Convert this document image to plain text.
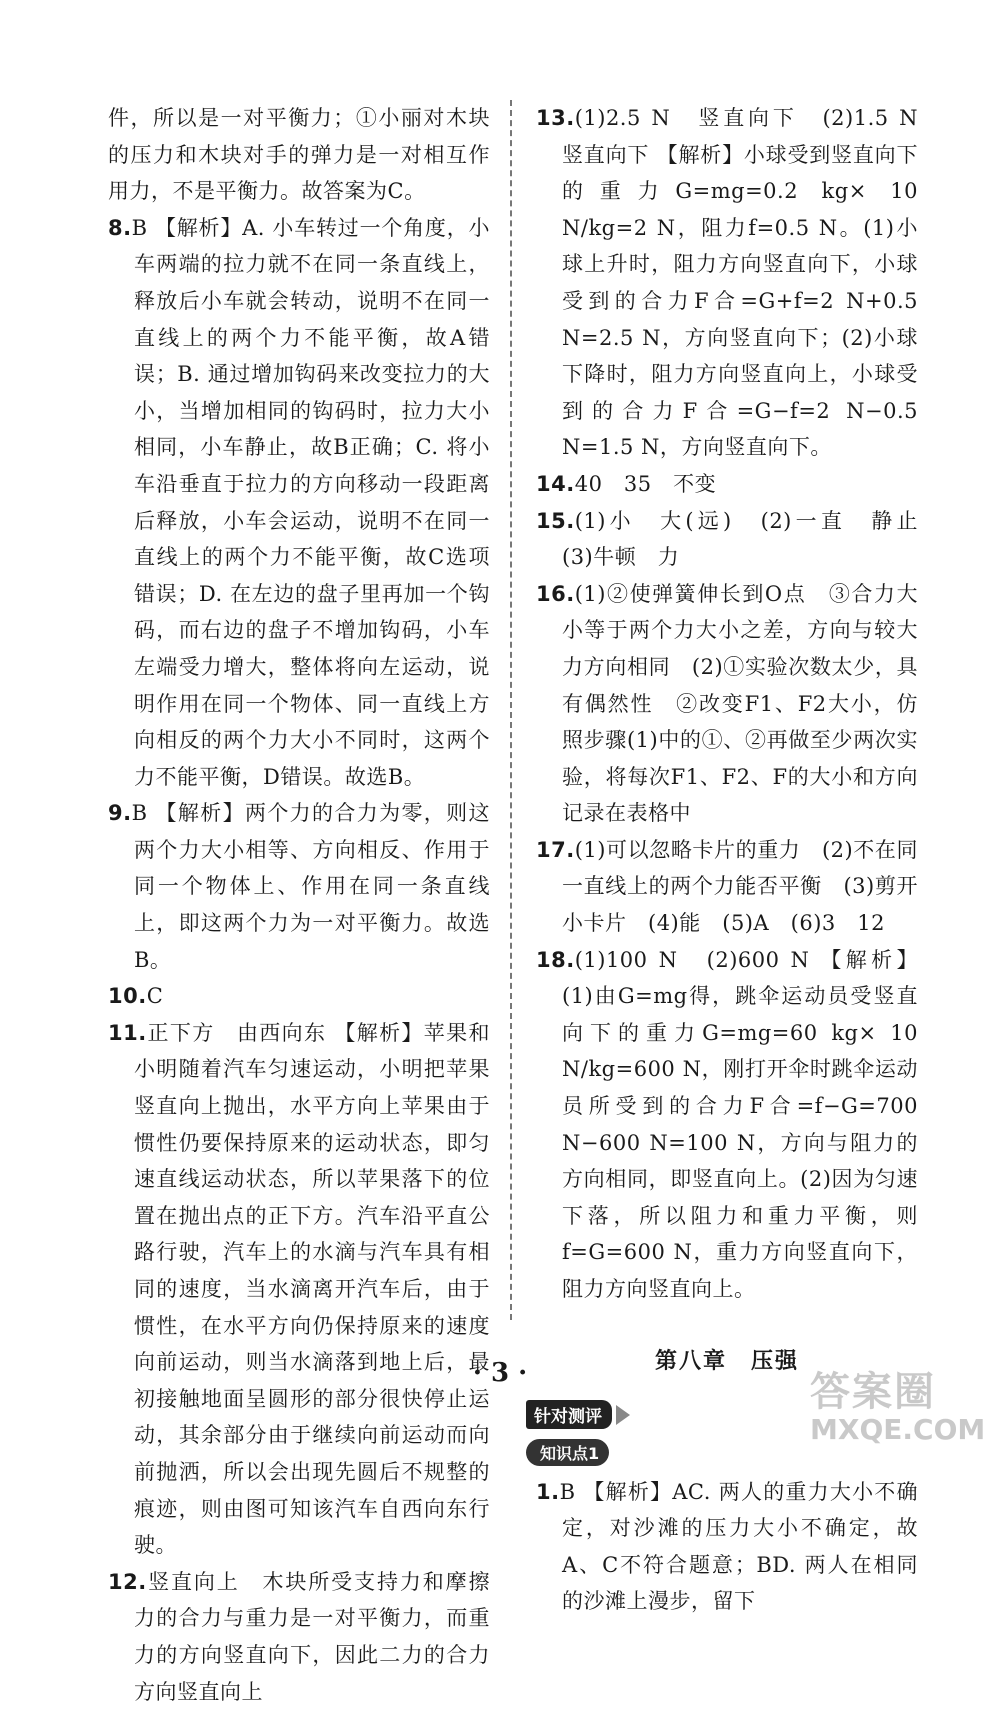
件，所以是一对平衡力；①小丽对木块的压力和木块对手的弹力是一对相互作用力，不是平衡力。故答案为C。

8.B 【解析】A. 小车转过一个角度，小车两端的拉力就不在同一条直线上，释放后小车就会转动，说明不在同一直线上的两个力不能平衡，故A错误；B. 通过增加钩码来改变拉力的大小，当增加相同的钩码时，拉力大小相同，小车静止，故B正确；C. 将小车沿垂直于拉力的方向移动一段距离后释放，小车会运动，说明不在同一直线上的两个力不能平衡，故C选项错误；D. 在左边的盘子里再加一个钩码，而右边的盘子不增加钩码，小车左端受力增大，整体将向左运动，说明作用在同一个物体、同一直线上方向相反的两个力大小不同时，这两个力不能平衡，D错误。故选B。

9.B 【解析】两个力的合力为零，则这两个力大小相等、方向相反、作用于同一个物体上、作用在同一条直线上，即这两个力为一对平衡力。故选B。

10.C

11.正下方　由西向东 【解析】苹果和小明随着汽车匀速运动，小明把苹果竖直向上抛出，水平方向上苹果由于惯性仍要保持原来的运动状态，即匀速直线运动状态，所以苹果落下的位置在抛出点的正下方。汽车沿平直公路行驶，汽车上的水滴与汽车具有相同的速度，当水滴离开汽车后，由于惯性，在水平方向仍保持原来的速度向前运动，则当水滴落到地上后，最初接触地面呈圆形的部分很快停止运动，其余部分由于继续向前运动而向前抛洒，所以会出现先圆后不规整的痕迹，则由图可知该汽车自西向东行驶。

12.竖直向上　木块所受支持力和摩擦力的合力与重力是一对平衡力，而重力的方向竖直向下，因此二力的合力方向竖直向上

13.(1)2.5 N　竖直向下　(2)1.5 N　竖直向下 【解析】小球受到竖直向下的重力G=mg=0.2 kg× 10 N/kg=2 N，阻力f=0.5 N。(1)小球上升时，阻力方向竖直向下，小球受到的合力F合=G+f=2 N+0.5 N=2.5 N，方向竖直向下；(2)小球下降时，阻力方向竖直向上，小球受到的合力F合=G−f=2 N−0.5 N=1.5 N，方向竖直向下。

14.40　35　不变

15.(1)小　大(远)　(2)一直　静止　(3)牛顿　力

16.(1)②使弹簧伸长到O点　③合力大小等于两个力大小之差，方向与较大力方向相同　(2)①实验次数太少，具有偶然性　②改变F1、F2大小，仿照步骤(1)中的①、②再做至少两次实验，将每次F1、F2、F的大小和方向记录在表格中

17.(1)可以忽略卡片的重力　(2)不在同一直线上的两个力能否平衡　(3)剪开小卡片　(4)能　(5)A　(6)3　12

18.(1)100 N　(2)600 N 【解析】(1)由G=mg得，跳伞运动员受竖直向下的重力G=mg=60 kg× 10 N/kg=600 N，刚打开伞时跳伞运动员所受到的合力F合=f−G=700 N−600 N=100 N，方向与阻力的方向相同，即竖直向上。(2)因为匀速下落，所以阻力和重力平衡，则f=G=600 N，重力方向竖直向下，阻力方向竖直向上。

第八章　压强
针对测评
知识点1

1.B 【解析】AC. 两人的重力大小不确定，对沙滩的压力大小不确定，故A、C不符合题意；BD. 两人在相同的沙滩上漫步，留下

· 3 ·	答案圈
MXQE.COM
